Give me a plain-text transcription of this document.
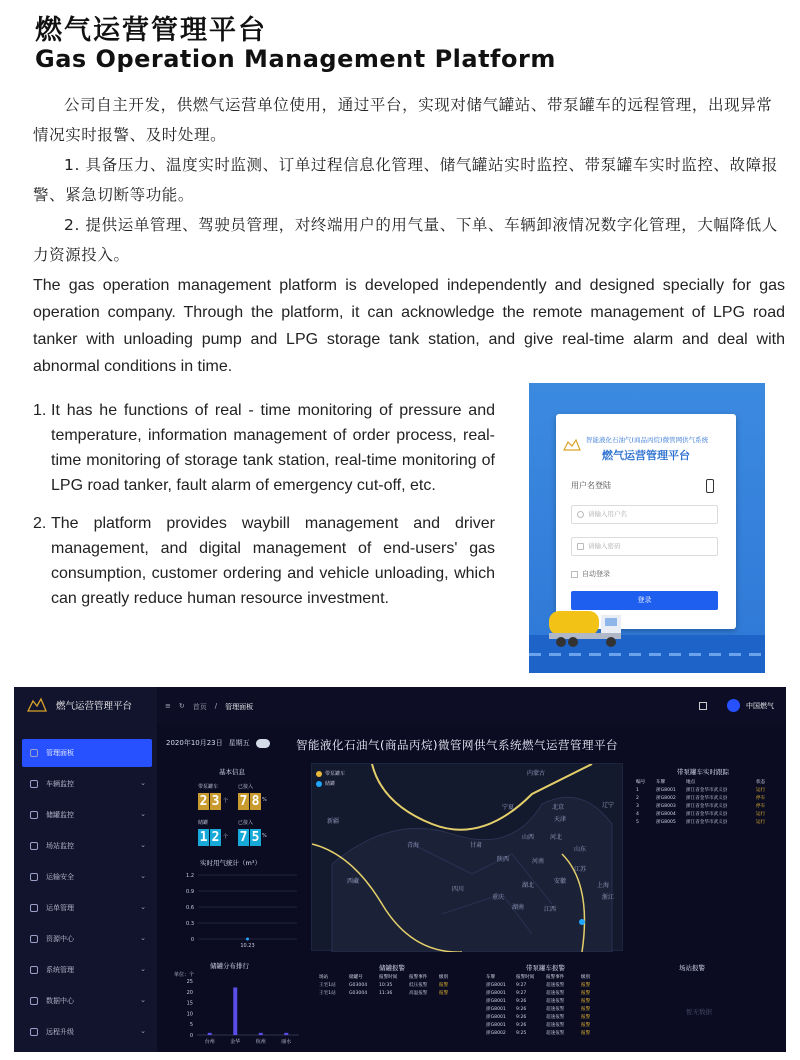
燃气运营管理平台
Gas Operation Management Platform

公司自主开发，供燃气运营单位使用，通过平台，实现对储气罐站、带泵罐车的远程管理，出现异常情况实时报警、及时处理。

1. 具备压力、温度实时监测、订单过程信息化管理、储气罐站实时监控、带泵罐车实时监控、故障报警、紧急切断等功能。

2. 提供运单管理、驾驶员管理，对终端用户的用气量、下单、车辆卸液情况数字化管理，大幅降低人力资源投入。

The gas operation management platform is developed independently and designed specially for gas operation company. Through the platform, it can acknowledge the remote management of LPG road tanker with unloading pump and LPG storage tank station, and give real-time alarm and deal with abnormal conditions in time.
1. It has he functions of real - time monitoring of pressure and temperature, information management of order process, real-time monitoring of storage tank station, real-time monitoring of LPG road tanker, fault alarm of emergency cut-off, etc.
2. The platform provides waybill management and driver management, and digital management of end-users' gas consumption, customer ordering and vehicle unloading, which can greatly reduce human resource investment.
智能液化石油气(商品丙烷)微管网供气系统
燃气运营管理平台
用户名登陆
请输入用户名
请输入密码
自动登录
登录
燃气运营管理平台
管理面板
车辆监控	⌄
储罐监控	⌄
场站监控	⌄
运输安全	⌄
运单管理	⌄
资源中心	⌄
系统管理	⌄
数据中心	⌄
远程升级	⌄
≡ ↻ 首页 / 管理面板	中国燃气
2020年10月23日 星期五	智能液化石油气(商品丙烷)微管网供气系统燃气运营管理平台
基本信息
带泵罐车	已接入
储罐	已接入
个	%
个	%
实时用气统计（m³）
1.2
0.9
0.6
0.3
0
10.23
储罐分布排行
单位：个
25
20
15
10
5
0
台州	金华	杭州	丽水
带泵罐车
储罐
内蒙古
北京
天津
辽宁
宁夏
河北
山西
青海	甘肃
陕西
山东
河南
江苏
西藏
四川
湖北
安徽
上海
重庆	浙江
江西
新疆
湖南
带泵罐车实时跟踪
编号	车牌	地点	状态
1	浙G8001	浙江省金华市武义县	运行
2	浙G8002	浙江省金华市武义县	停车
3	浙G8003	浙江省金华市武义县	停车
4	浙G8004	浙江省金华市武义县	运行
5	浙G8005	浙江省金华市武义县	运行
储罐报警
场站	储罐号	报警时间	报警事件	级别
王宅1站	G03004	10:35	低压报警	报警
王宅1站	G03004	11:36	高温报警	报警
带泵罐车报警
车牌	报警时间	报警事件	级别
浙G8001	9:27	超速报警	报警
浙G8001	9:27	超速报警	报警
浙G8001	9:26	超速报警	报警
浙G8001	9:26	超速报警	报警
浙G8001	9:26	超速报警	报警
浙G8001	9:26	超速报警	报警
浙G8002	9:25	超速报警	报警
场站报警
暂无数据
2 3 7 8
1 2 7 5
